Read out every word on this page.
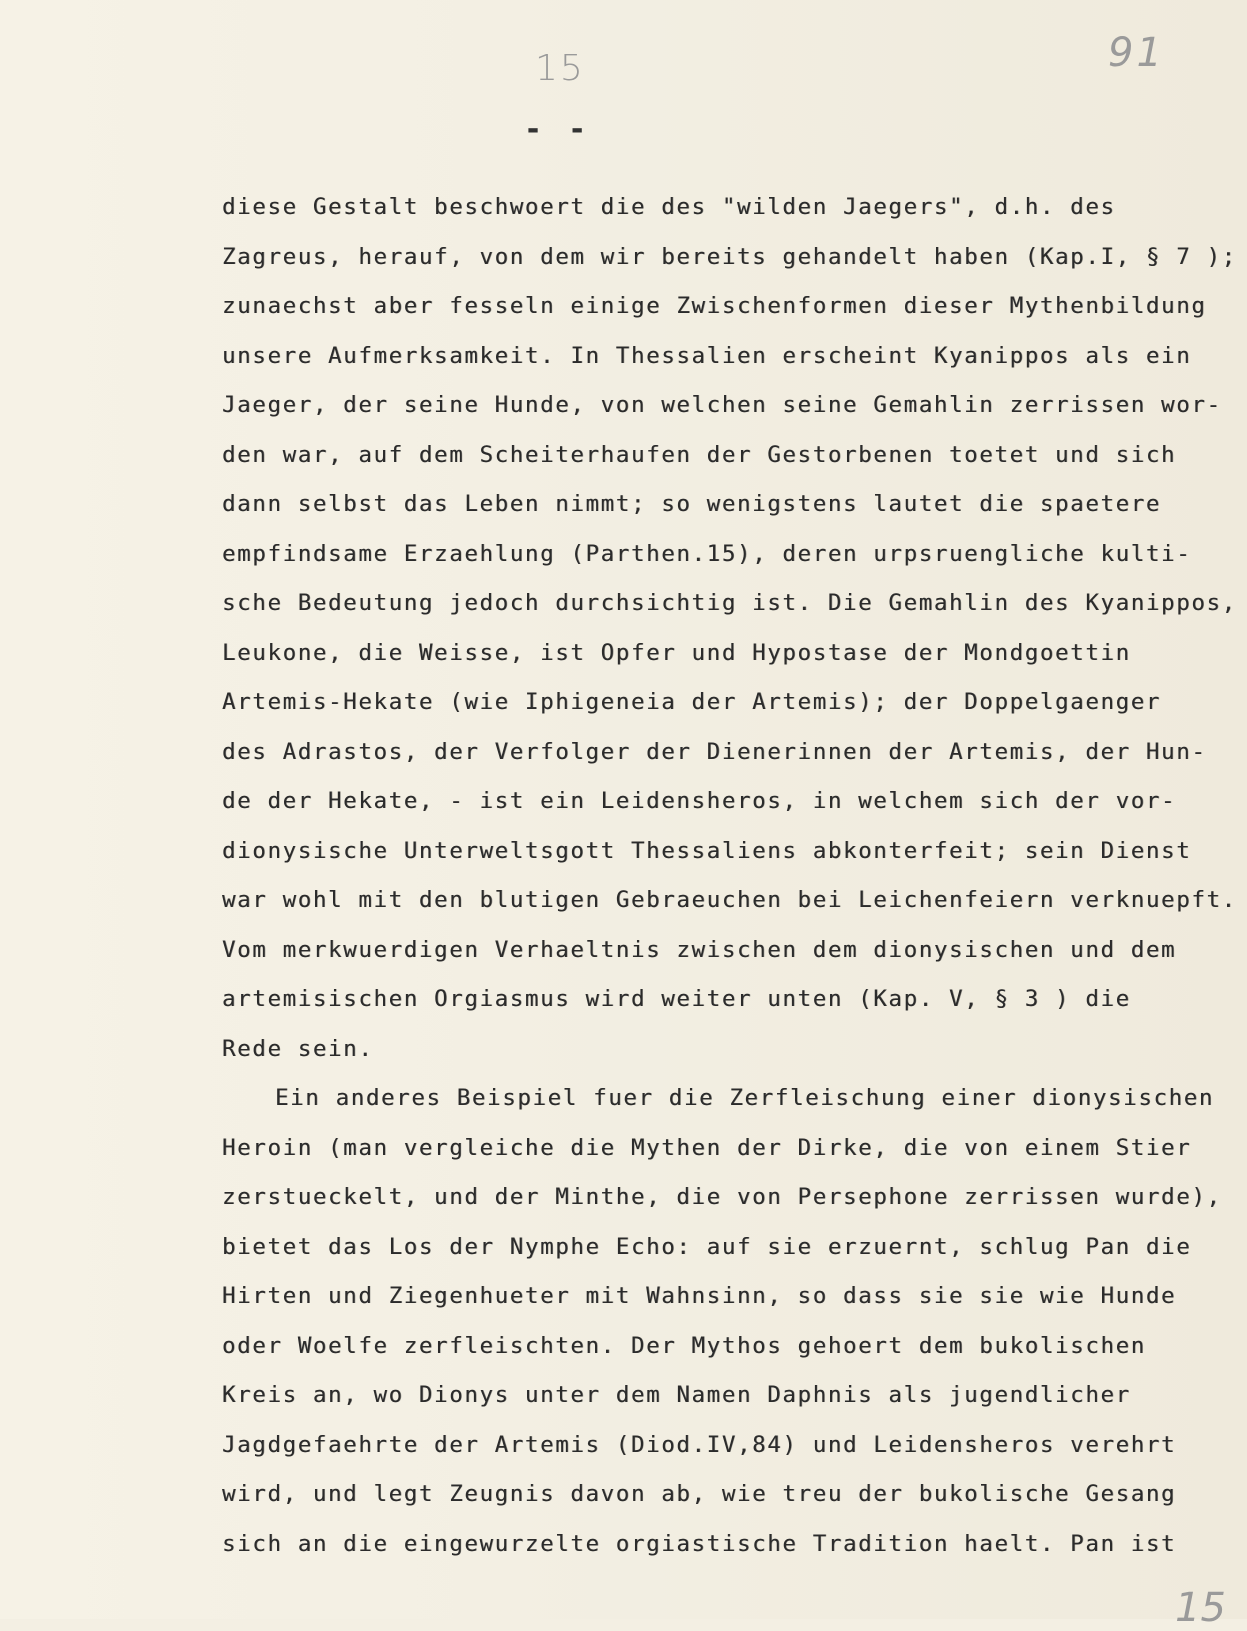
15	91
15
- -
diese Gestalt beschwoert die des "wilden Jaegers", d.h. des
Zagreus, herauf, von dem wir bereits gehandelt haben (Kap.I, § 7 );
zunaechst aber fesseln einige Zwischenformen dieser Mythenbildung
unsere Aufmerksamkeit. In Thessalien erscheint Kyanippos als ein
Jaeger, der seine Hunde, von welchen seine Gemahlin zerrissen wor-
den war, auf dem Scheiterhaufen der Gestorbenen toetet und sich
dann selbst das Leben nimmt; so wenigstens lautet die spaetere
empfindsame Erzaehlung (Parthen.15), deren urpsruengliche kulti-
sche Bedeutung jedoch durchsichtig ist. Die Gemahlin des Kyanippos,
Leukone, die Weisse, ist Opfer und Hypostase der Mondgoettin
Artemis-Hekate (wie Iphigeneia der Artemis); der Doppelgaenger
des Adrastos, der Verfolger der Dienerinnen der Artemis, der Hun-
de der Hekate, - ist ein Leidensheros, in welchem sich der vor-
dionysische Unterweltsgott Thessaliens abkonterfeit; sein Dienst
war wohl mit den blutigen Gebraeuchen bei Leichenfeiern verknuepft.
Vom merkwuerdigen Verhaeltnis zwischen dem dionysischen und dem
artemisischen Orgiasmus wird weiter unten (Kap. V, § 3 ) die
Rede sein.
Ein anderes Beispiel fuer die Zerfleischung einer dionysischen
Heroin (man vergleiche die Mythen der Dirke, die von einem Stier
zerstueckelt, und der Minthe, die von Persephone zerrissen wurde),
bietet das Los der Nymphe Echo: auf sie erzuernt, schlug Pan die
Hirten und Ziegenhueter mit Wahnsinn, so dass sie sie wie Hunde
oder Woelfe zerfleischten. Der Mythos gehoert dem bukolischen
Kreis an, wo Dionys unter dem Namen Daphnis als jugendlicher
Jagdgefaehrte der Artemis (Diod.IV,84) und Leidensheros verehrt
wird, und legt Zeugnis davon ab, wie treu der bukolische Gesang
sich an die eingewurzelte orgiastische Tradition haelt. Pan ist
